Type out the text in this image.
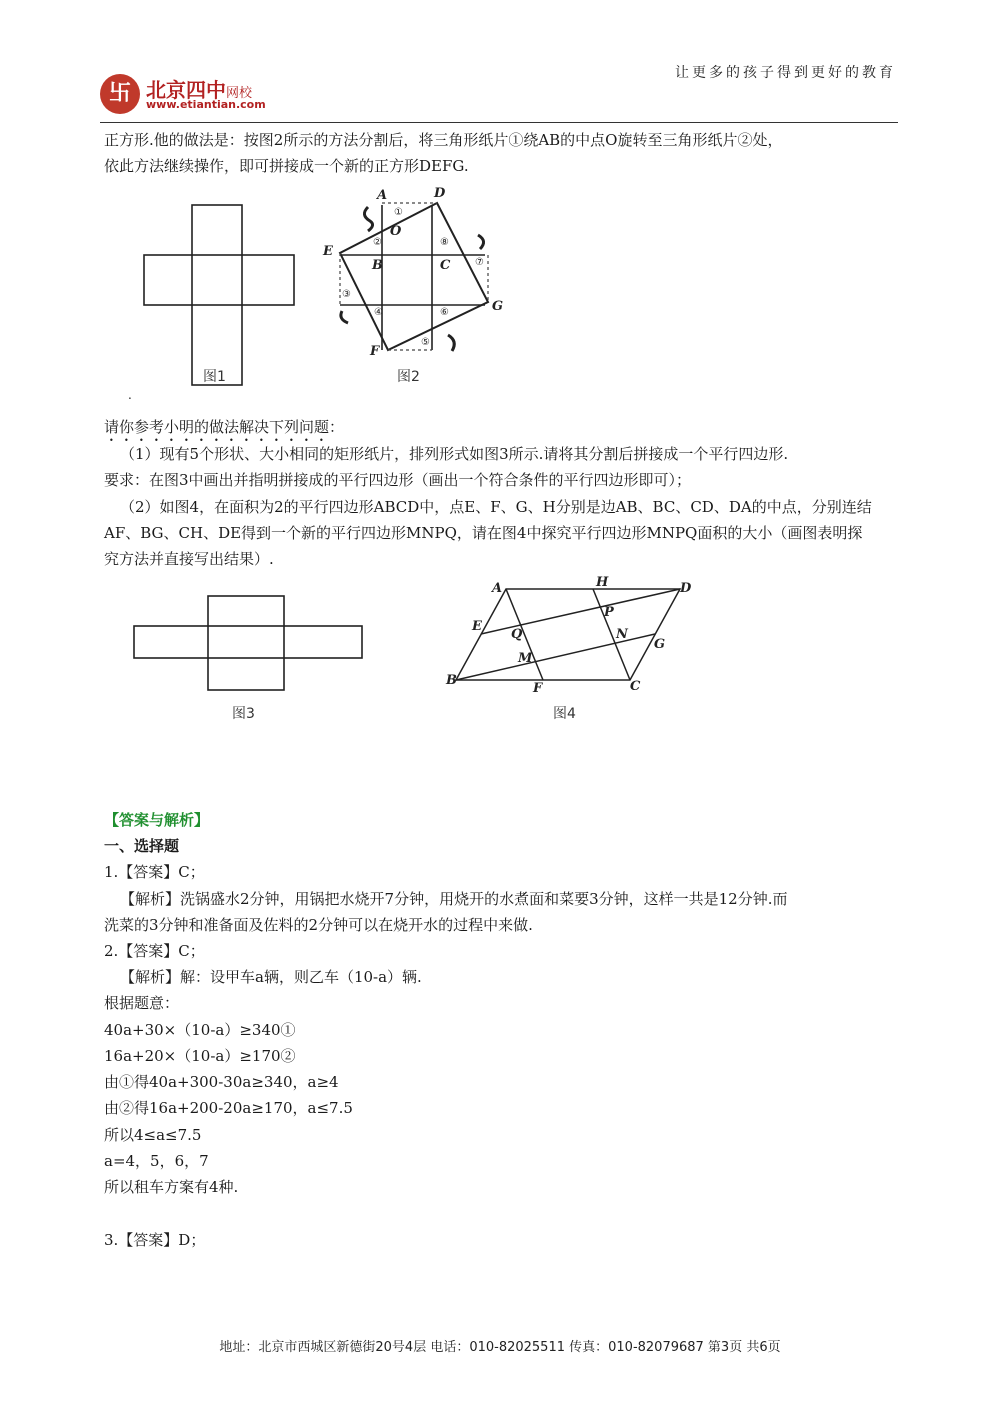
卐 北京四中网校
www.etiantian.com
让更多的孩子得到更好的教育
正方形.他的做法是：按图2所示的方法分割后，将三角形纸片①绕AB的中点O旋转至三角形纸片②处，
依此方法继续操作，即可拼接成一个新的正方形DEFG.
图1
A	D
O
E
B	C
G
F
①
②
③
④
⑤
⑥
⑦
⑧
图2
.
请你参考小明的做法解决下列问题：
（1）现有5个形状、大小相同的矩形纸片，排列形式如图3所示.请将其分割后拼接成一个平行四边形.
要求：在图3中画出并指明拼接成的平行四边形（画出一个符合条件的平行四边形即可）；
（2）如图4，在面积为2的平行四边形ABCD中，点E、F、G、H分别是边AB、BC、CD、DA的中点，分别连结
AF、BG、CH、DE得到一个新的平行四边形MNPQ，请在图4中探究平行四边形MNPQ面积的大小（画图表明探
究方法并直接写出结果）.
图3
A	H	D
P
E
Q	N
G
M
B
F	C
图4
【答案与解析】
一、选择题
1.【答案】C；
【解析】洗锅盛水2分钟，用锅把水烧开7分钟，用烧开的水煮面和菜要3分钟，这样一共是12分钟.而
洗菜的3分钟和准备面及佐料的2分钟可以在烧开水的过程中来做.
2.【答案】C；
【解析】解：设甲车a辆，则乙车（10-a）辆.
根据题意：
40a+30×（10-a）≥340①
16a+20×（10-a）≥170②
由①得40a+300-30a≥340，a≥4
由②得16a+200-20a≥170，a≤7.5
所以4≤a≤7.5
a=4，5，6，7
所以租车方案有4种.
3.【答案】D；
地址：北京市西城区新德街20号4层 电话：010-82025511 传真：010-82079687 第3页 共6页
